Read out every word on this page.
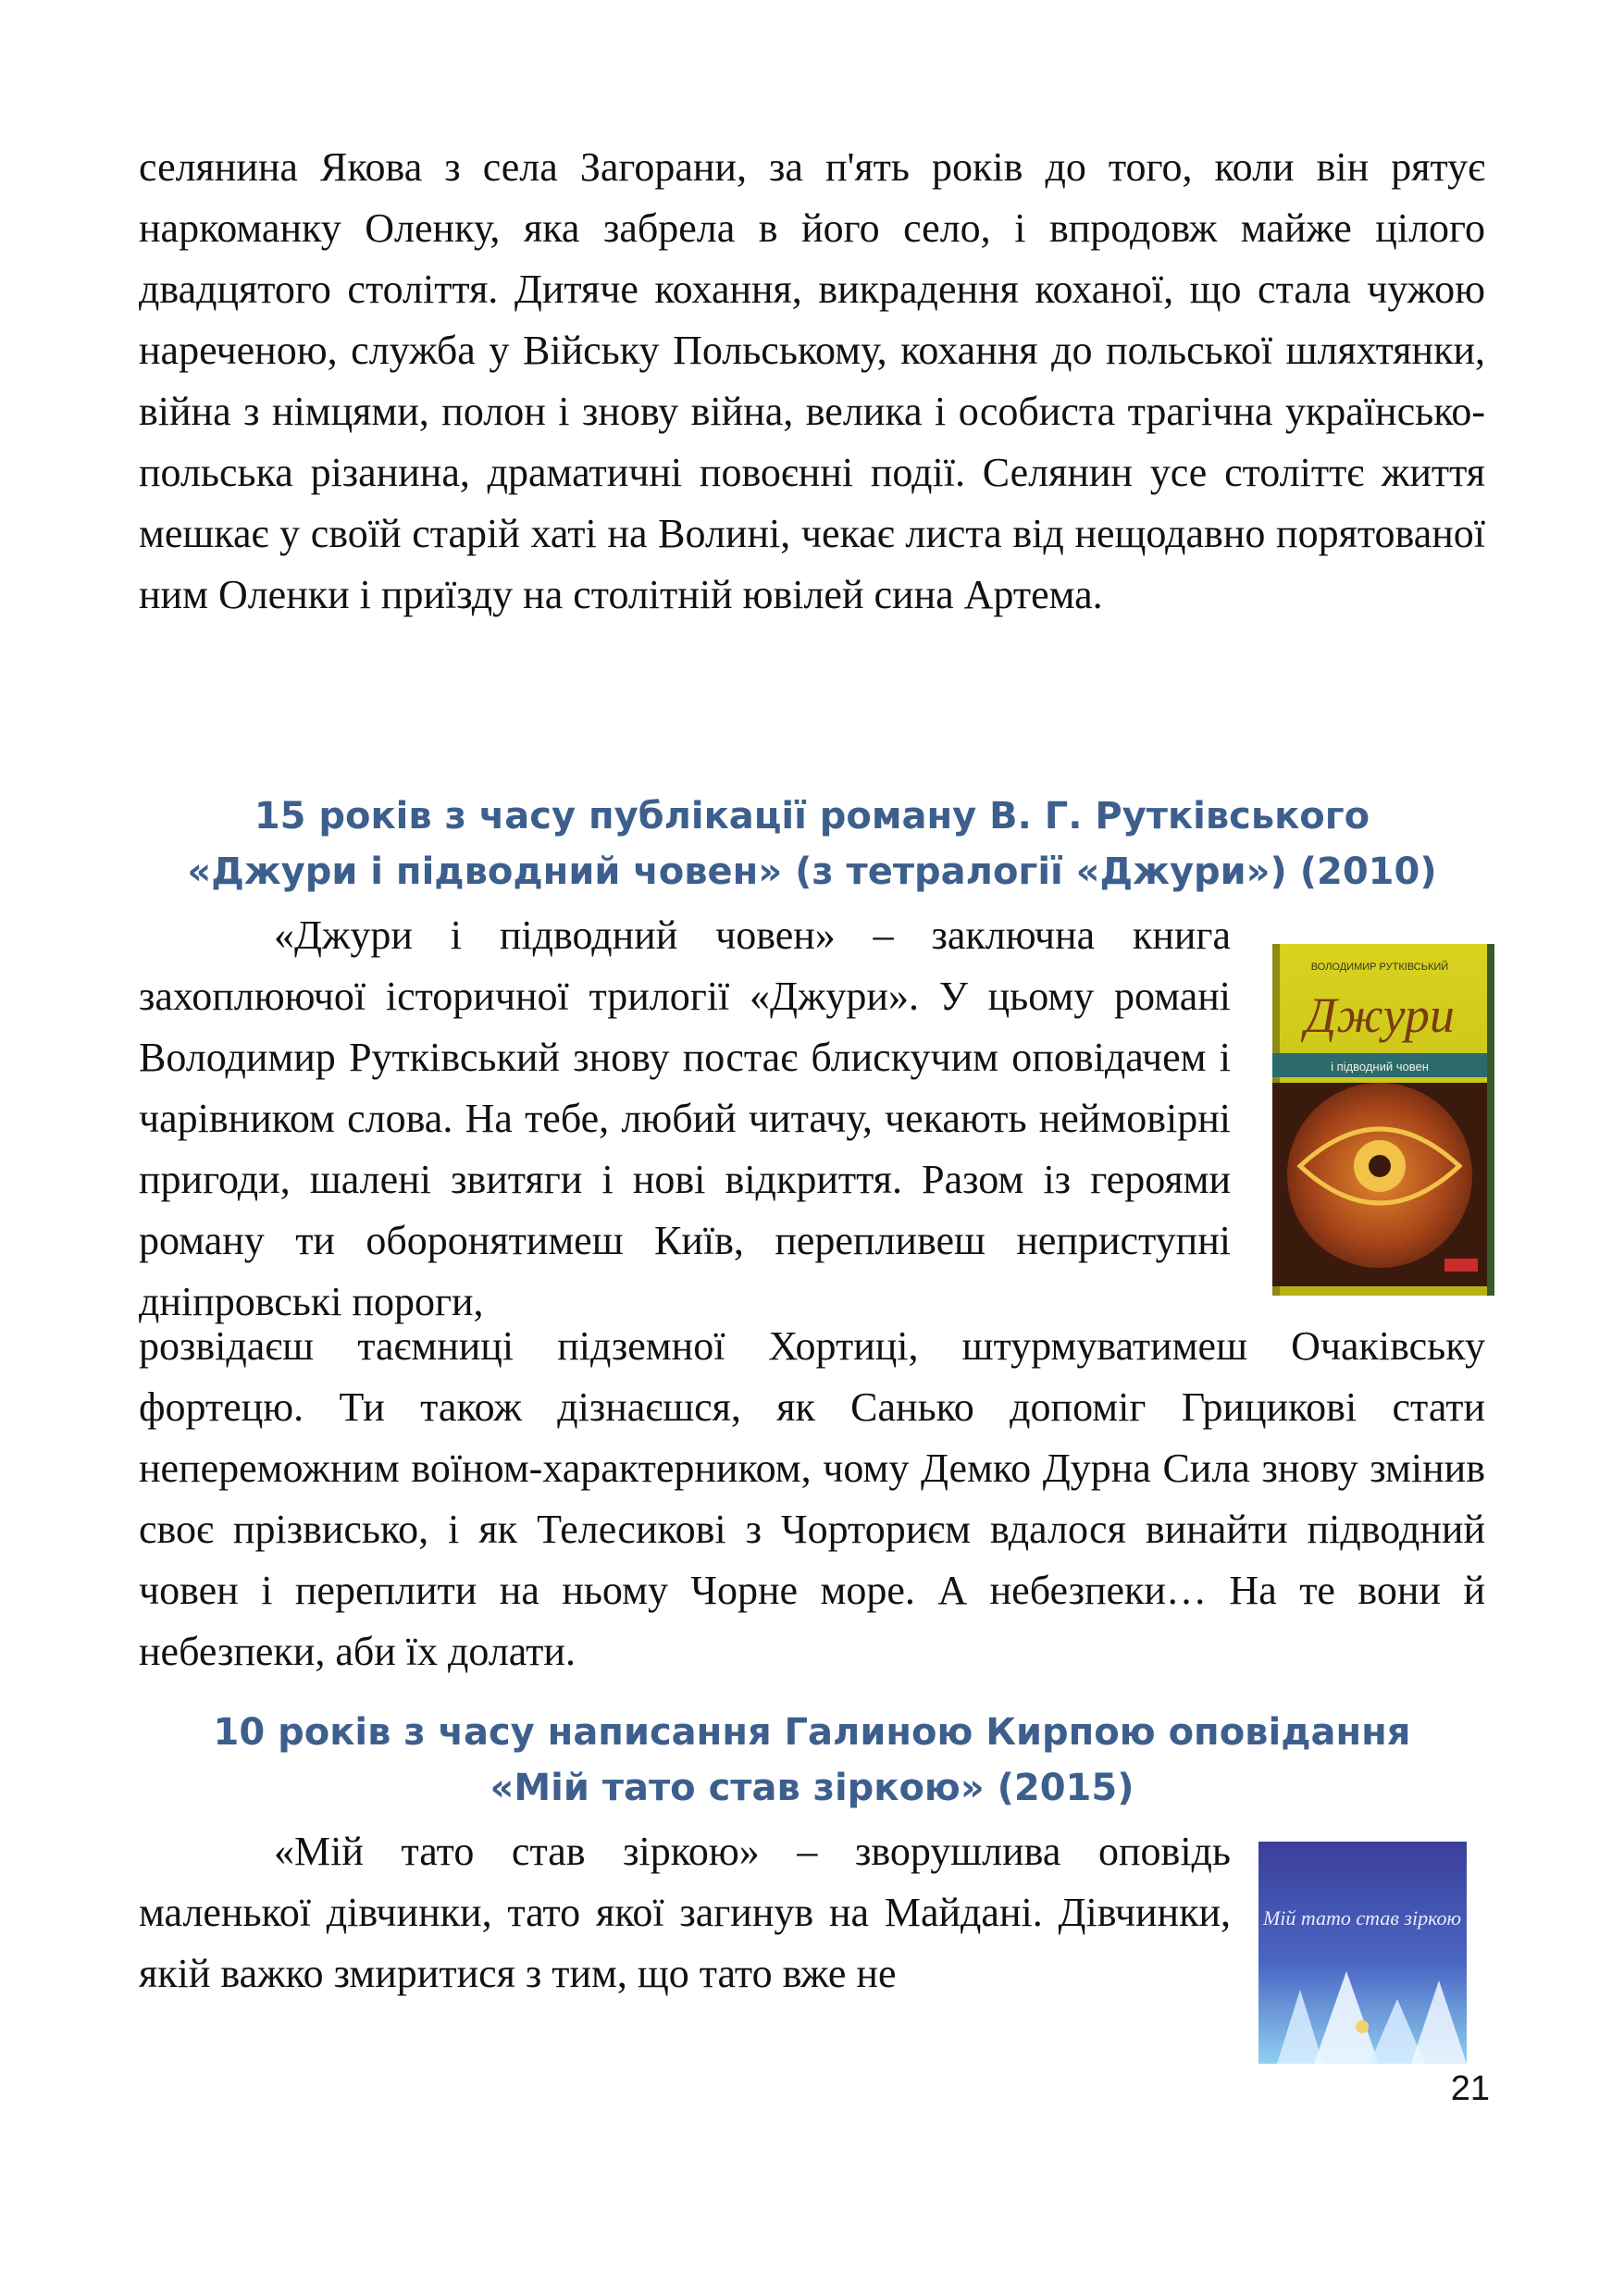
селянина Якова з села Загорани, за п'ять років до того, коли він рятує наркоманку Оленку, яка забрела в його село, і впродовж майже цілого двадцятого століття. Дитяче кохання, викрадення коханої, що стала чужою нареченою, служба у Війську Польському, кохання до польської шляхтянки, війна з німцями, полон і знову війна, велика і особиста трагічна українсько-польська різанина, драматичні повоєнні події. Селянин усе століттє життя мешкає у своїй старій хаті на Волині, чекає листа від нещодавно порятованої ним Оленки і приїзду на столітній ювілей сина Артема.

15 років з часу публікації роману В. Г. Рутківського
«Джури і підводний човен» (з тетралогії «Джури») (2010)

«Джури і підводний човен» – заключна книга захоплюючої історичної трилогії «Джури». У цьому романі Володимир Рутківський знову постає блискучим оповідачем і чарівником слова. На тебе, любий читачу, чекають неймовірні пригоди, шалені звитяги і нові відкриття. Разом із героями роману ти оборонятимеш Київ, перепливеш неприступні дніпровські пороги,

ВОЛОДИМИР РУТКІВСЬКИЙ
Джури
і підводний човен

розвідаєш таємниці підземної Хортиці, штурмуватимеш Очаківську фортецю. Ти також дізнаєшся, як Санько допоміг Грицикові стати непереможним воїном-характерником, чому Демко Дурна Сила знову змінив своє прізвисько, і як Телесикові з Чорториєм вдалося винайти підводний човен і переплити на ньому Чорне море. А небезпеки… На те вони й небезпеки, аби їх долати.

10 років з часу написання Галиною Кирпою оповідання
«Мій тато став зіркою» (2015)

«Мій тато став зіркою» – зворушлива оповідь маленької дівчинки, тато якої загинув на Майдані. Дівчинки, якій важко змиритися з тим, що тато вже не

Мій тато став зіркою
21
